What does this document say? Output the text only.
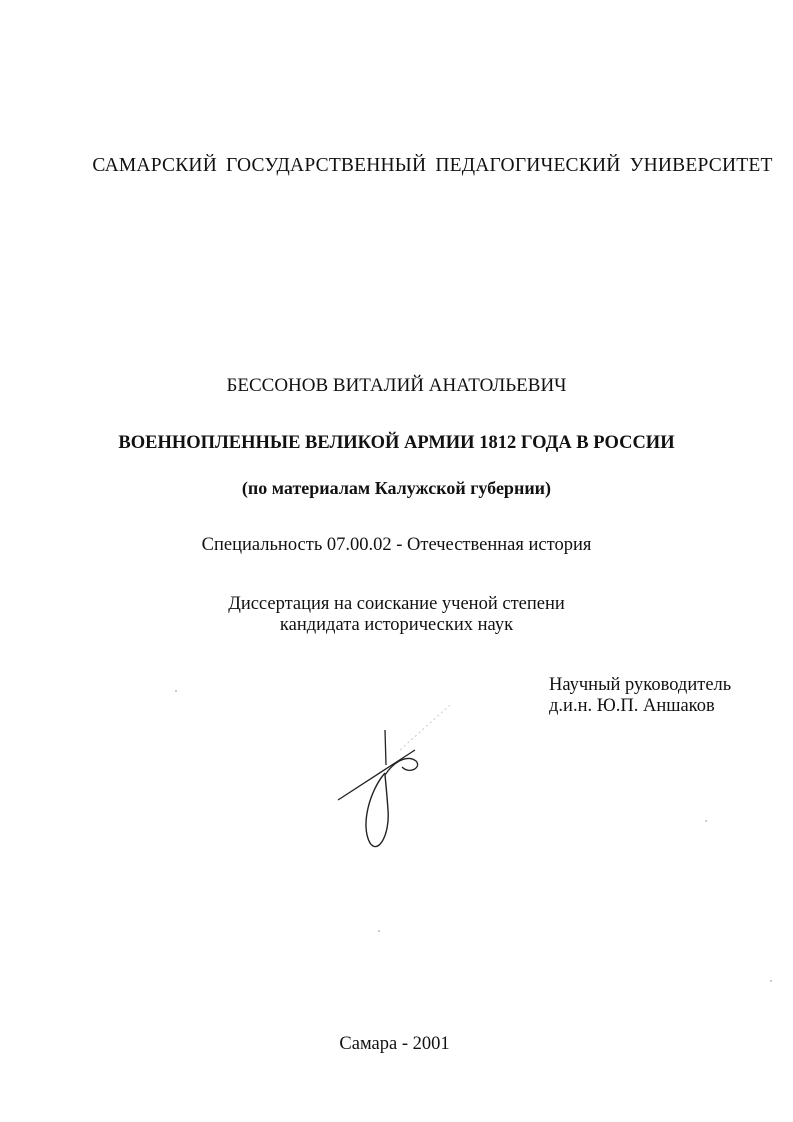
САМАРСКИЙ ГОСУДАРСТВЕННЫЙ ПЕДАГОГИЧЕСКИЙ УНИВЕРСИТЕТ
БЕССОНОВ ВИТАЛИЙ АНАТОЛЬЕВИЧ
ВОЕННОПЛЕННЫЕ ВЕЛИКОЙ АРМИИ 1812 ГОДА В РОССИИ
(по материалам Калужской губернии)
Специальность 07.00.02 - Отечественная история
Диссертация на соискание ученой степени
кандидата исторических наук
Научный руководитель
д.и.н. Ю.П. Аншаков
Самара - 2001
